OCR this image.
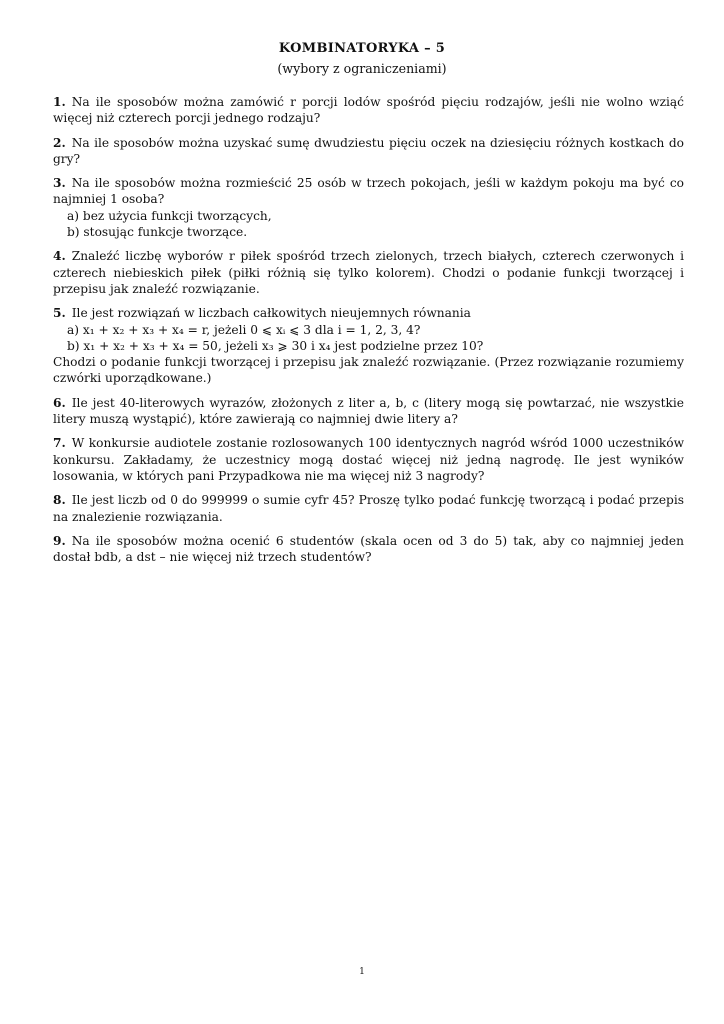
KOMBINATORYKA – 5
(wybory z ograniczeniami)
1. Na ile sposobów można zamówić r porcji lodów spośród pięciu rodzajów, jeśli nie wolno wziąć więcej niż czterech porcji jednego rodzaju?
2. Na ile sposobów można uzyskać sumę dwudziestu pięciu oczek na dziesięciu różnych kostkach do gry?
3. Na ile sposobów można rozmieścić 25 osób w trzech pokojach, jeśli w każdym pokoju ma być co najmniej 1 osoba?
a) bez użycia funkcji tworzących,
b) stosując funkcje tworzące.
4. Znaleźć liczbę wyborów r piłek spośród trzech zielonych, trzech białych, czterech czerwonych i czterech niebieskich piłek (piłki różnią się tylko kolorem). Chodzi o podanie funkcji tworzącej i przepisu jak znaleźć rozwiązanie.
5. Ile jest rozwiązań w liczbach całkowitych nieujemnych równania
a) x₁ + x₂ + x₃ + x₄ = r, jeżeli 0 ⩽ xᵢ ⩽ 3 dla i = 1, 2, 3, 4?
b) x₁ + x₂ + x₃ + x₄ = 50, jeżeli x₃ ⩾ 30 i x₄ jest podzielne przez 10?
Chodzi o podanie funkcji tworzącej i przepisu jak znaleźć rozwiązanie. (Przez rozwiązanie rozumiemy czwórki uporządkowane.)
6. Ile jest 40-literowych wyrazów, złożonych z liter a, b, c (litery mogą się powtarzać, nie wszystkie litery muszą wystąpić), które zawierają co najmniej dwie litery a?
7. W konkursie audiotele zostanie rozlosowanych 100 identycznych nagród wśród 1000 uczestników konkursu. Zakładamy, że uczestnicy mogą dostać więcej niż jedną nagrodę. Ile jest wyników losowania, w których pani Przypadkowa nie ma więcej niż 3 nagrody?
8. Ile jest liczb od 0 do 999999 o sumie cyfr 45? Proszę tylko podać funkcję tworzącą i podać przepis na znalezienie rozwiązania.
9. Na ile sposobów można ocenić 6 studentów (skala ocen od 3 do 5) tak, aby co najmniej jeden dostał bdb, a dst – nie więcej niż trzech studentów?
1
